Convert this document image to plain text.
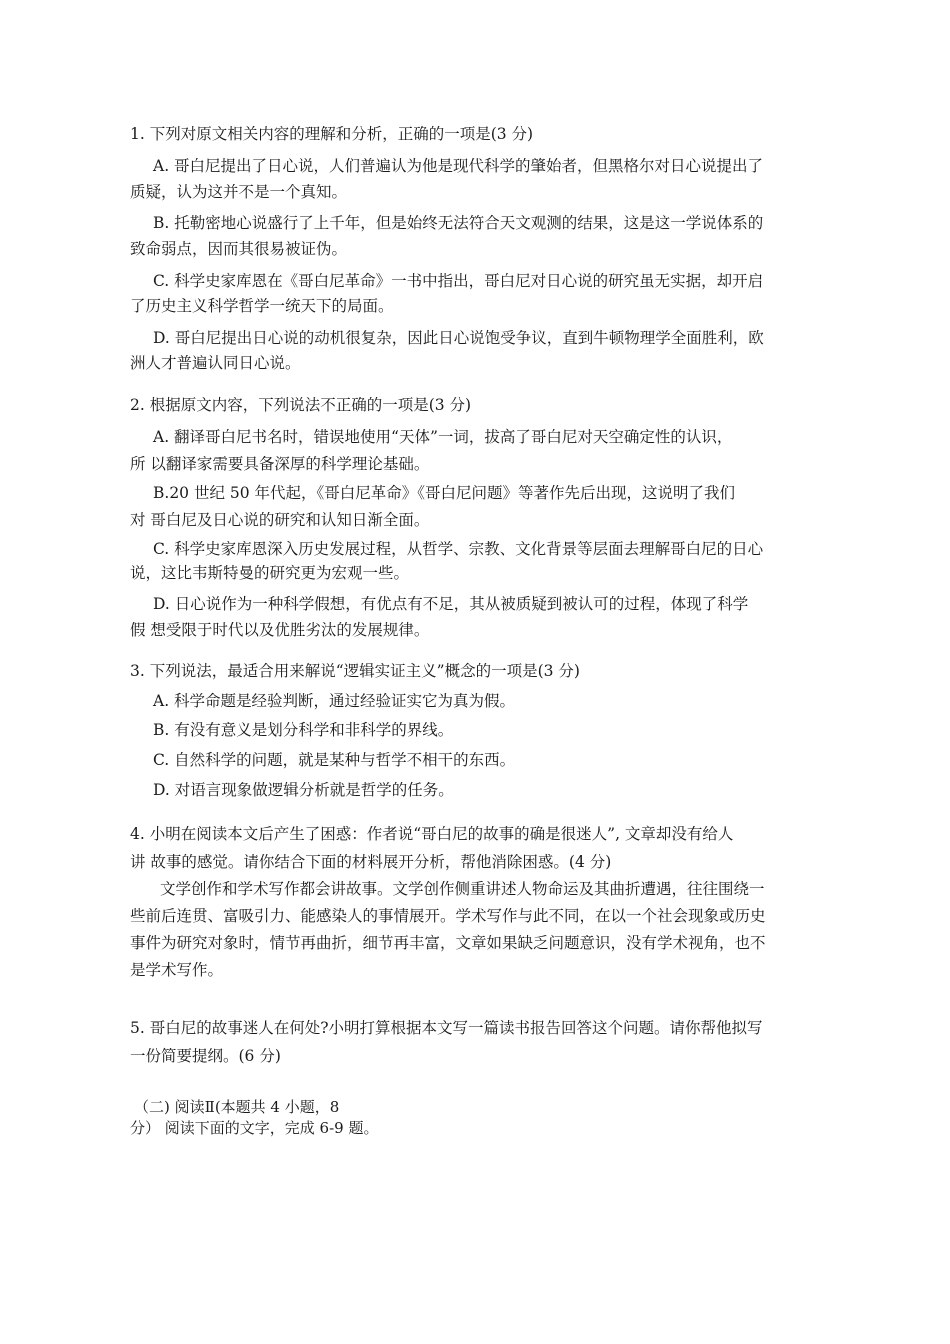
1. 下列对原文相关内容的理解和分析，正确的一项是(3 分)
A. 哥白尼提出了日心说，人们普遍认为他是现代科学的肇始者，但黑格尔对日心说提出了
质疑，认为这并不是一个真知。
B. 托勒密地心说盛行了上千年，但是始终无法符合天文观测的结果，这是这一学说体系的
致命弱点，因而其很易被证伪。
C. 科学史家库恩在《哥白尼革命》一书中指出，哥白尼对日心说的研究虽无实据，却开启
了历史主义科学哲学一统天下的局面。
D. 哥白尼提出日心说的动机很复杂，因此日心说饱受争议，直到牛顿物理学全面胜利，欧
洲人才普遍认同日心说。
2. 根据原文内容，下列说法不正确的一项是(3 分)
A. 翻译哥白尼书名时，错误地使用“天体”一词，拔高了哥白尼对天空确定性的认识，
所 以翻译家需要具备深厚的科学理论基础。
B.20 世纪 50 年代起，《哥白尼革命》《哥白尼问题》等著作先后出现，这说明了我们
对 哥白尼及日心说的研究和认知日渐全面。
C. 科学史家库恩深入历史发展过程，从哲学、宗教、文化背景等层面去理解哥白尼的日心
说，这比韦斯特曼的研究更为宏观一些。
D. 日心说作为一种科学假想，有优点有不足，其从被质疑到被认可的过程，体现了科学
假 想受限于时代以及优胜劣汰的发展规律。
3. 下列说法，最适合用来解说“逻辑实证主义”概念的一项是(3 分)
A. 科学命题是经验判断，通过经验证实它为真为假。
B. 有没有意义是划分科学和非科学的界线。
C. 自然科学的问题，就是某种与哲学不相干的东西。
D. 对语言现象做逻辑分析就是哲学的任务。
4. 小明在阅读本文后产生了困惑：作者说“哥白尼的故事的确是很迷人”, 文章却没有给人
讲 故事的感觉。请你结合下面的材料展开分析，帮他消除困惑。(4 分)
文学创作和学术写作都会讲故事。文学创作侧重讲述人物命运及其曲折遭遇，往往围绕一
些前后连贯、富吸引力、能感染人的事情展开。学术写作与此不同，在以一个社会现象或历史
事件为研究对象时，情节再曲折，细节再丰富，文章如果缺乏问题意识，没有学术视角，也不
是学术写作。
5. 哥白尼的故事迷人在何处?小明打算根据本文写一篇读书报告回答这个问题。请你帮他拟写
一份简要提纲。(6 分)
（二) 阅读Ⅱ(本题共 4 小题，8
分） 阅读下面的文字，完成 6-9 题。
